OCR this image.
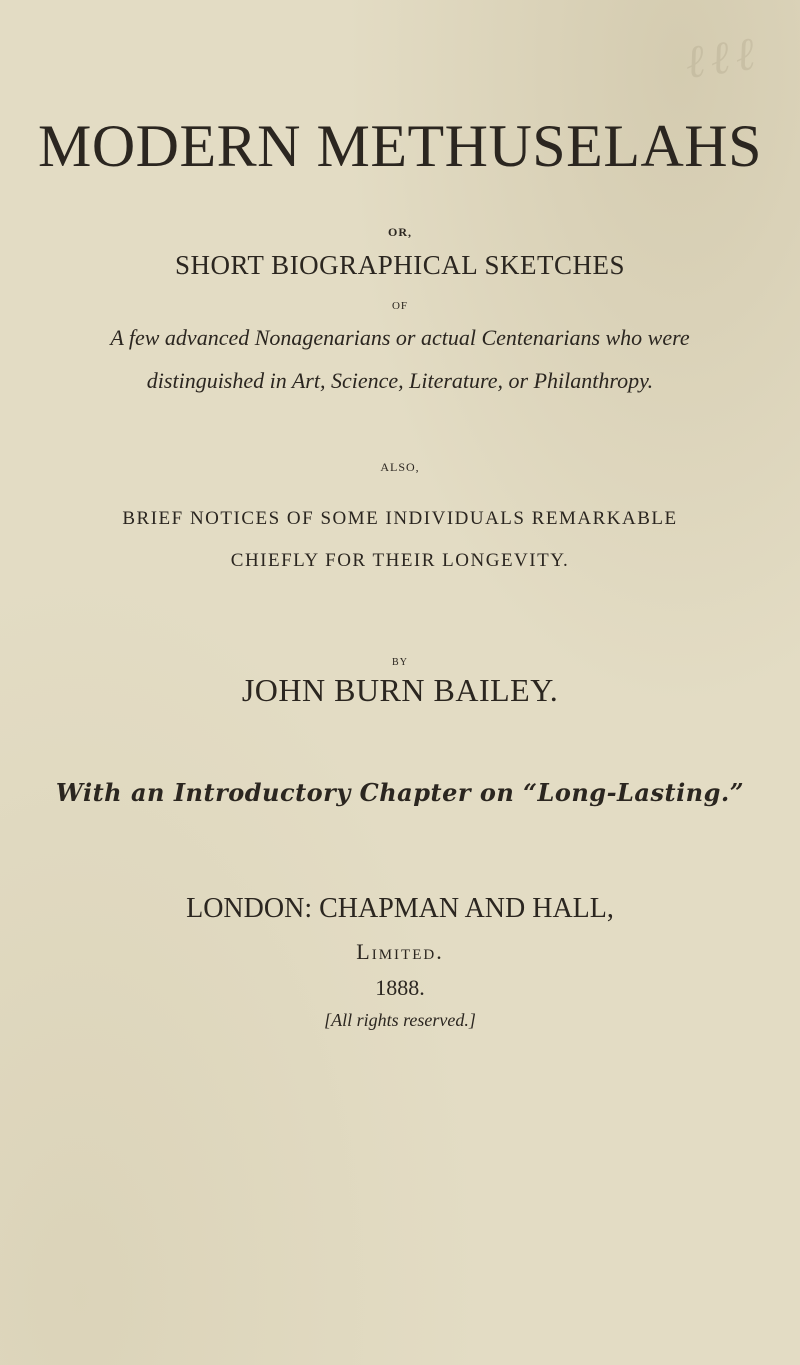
ℓℓℓ
MODERN METHUSELAHS
OR,
SHORT BIOGRAPHICAL SKETCHES
OF
A few advanced Nonagenarians or actual Centenarians who were
distinguished in Art, Science, Literature, or Philanthropy.
ALSO,
BRIEF NOTICES OF SOME INDIVIDUALS REMARKABLE
CHIEFLY FOR THEIR LONGEVITY.
BY
JOHN BURN BAILEY.
With an Introductory Chapter on “Long-Lasting.”
LONDON: CHAPMAN AND HALL,
Limited.
1888.
[All rights reserved.]
